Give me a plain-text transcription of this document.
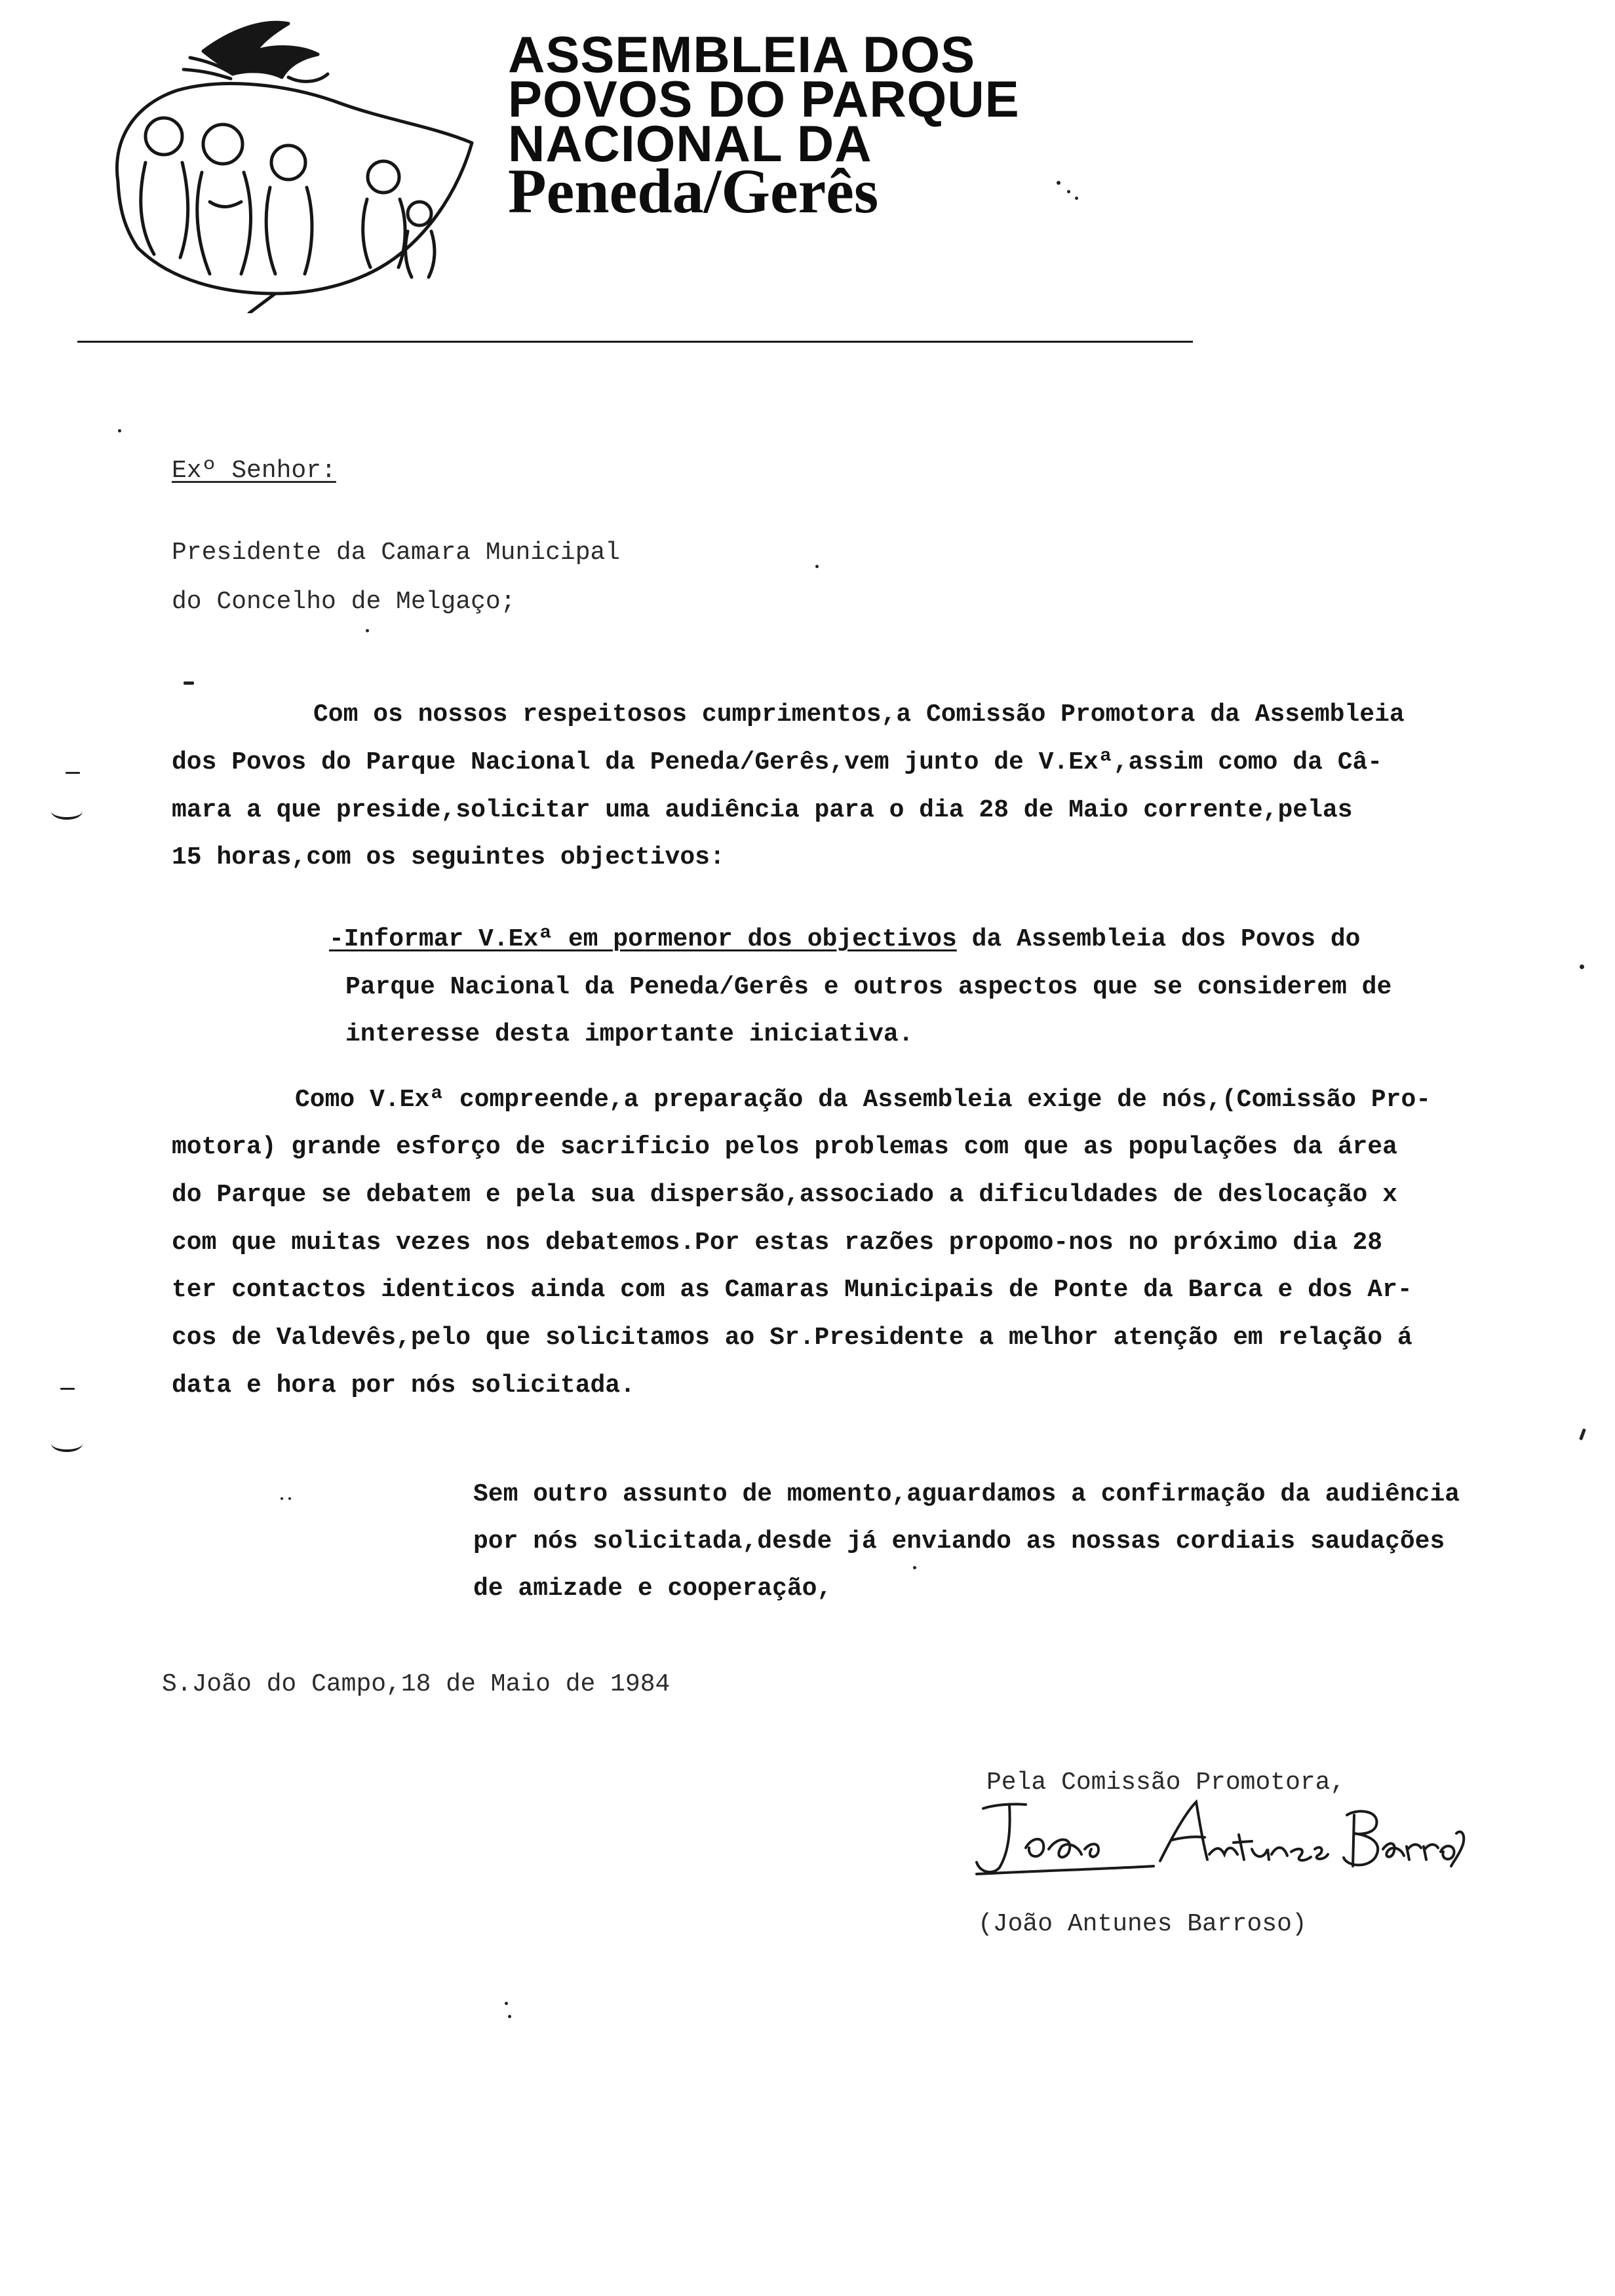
ASSEMBLEIA DOS
POVOS DO PARQUE
NACIONAL DA
Peneda/Gerês
Exº Senhor:
Presidente da Camara Municipal
do Concelho de Melgaço;
Com os nossos respeitosos cumprimentos,a Comissão Promotora da Assembleia
dos Povos do Parque Nacional da Peneda/Gerês,vem junto de V.Exª,assim como da Câ-
mara a que preside,solicitar uma audiência para o dia 28 de Maio corrente,pelas
15 horas,com os seguintes objectivos:
-Informar V.Exª em pormenor dos objectivos da Assembleia dos Povos do
Parque Nacional da Peneda/Gerês e outros aspectos que se considerem de
interesse desta importante iniciativa.
Como V.Exª compreende,a preparação da Assembleia exige de nós,(Comissão Pro-
motora) grande esforço de sacrificio pelos problemas com que as populações da área
do Parque se debatem e pela sua dispersão,associado a dificuldades de deslocação x
com que muitas vezes nos debatemos.Por estas razões propomo-nos no próximo dia 28
ter contactos identicos ainda com as Camaras Municipais de Ponte da Barca e dos Ar-
cos de Valdevês,pelo que solicitamos ao Sr.Presidente a melhor atenção em relação á
data e hora por nós solicitada.
Sem outro assunto de momento,aguardamos a confirmação da audiência
por nós solicitada,desde já enviando as nossas cordiais saudações
de amizade e cooperação,
S.João do Campo,18 de Maio de 1984
Pela Comissão Promotora,
(João Antunes Barroso)
